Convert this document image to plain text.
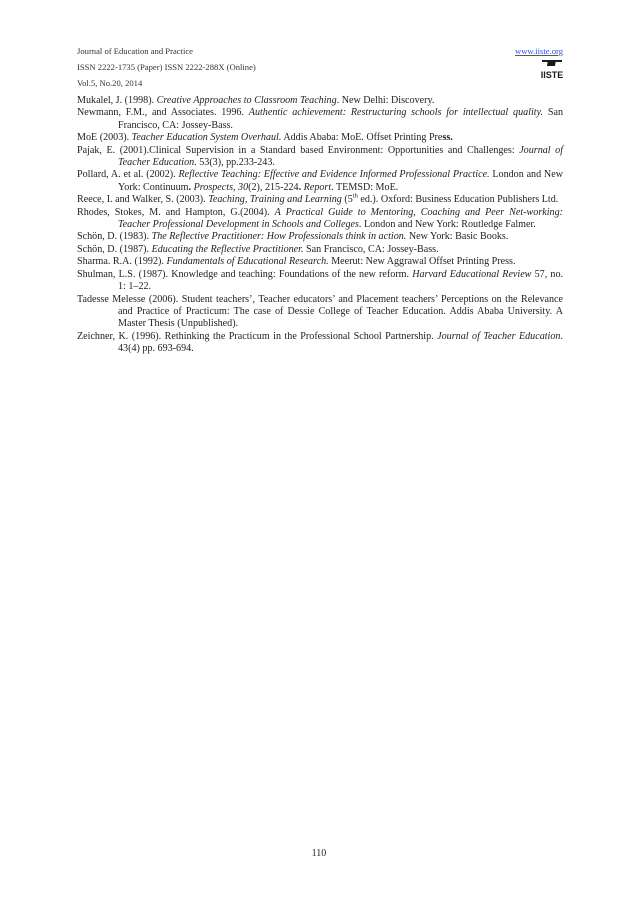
Journal of Education and Practice
ISSN 2222-1735 (Paper) ISSN 2222-288X (Online)
Vol.5, No.20, 2014
www.iiste.org
IISTE

Mukalel, J. (1998). Creative Approaches to Classroom Teaching. New Delhi: Discovery.

Newmann, F.M., and Associates. 1996. Authentic achievement: Restructuring schools for intellectual quality. San Francisco, CA: Jossey-Bass.

MoE (2003). Teacher Education System Overhaul. Addis Ababa: MoE. Offset Printing Press.

Pajak, E. (2001).Clinical Supervision in a Standard based Environment: Opportunities and Challenges: Journal of Teacher Education. 53(3), pp.233-243.

Pollard, A. et al. (2002). Reflective Teaching: Effective and Evidence Informed Professional Practice. London and New York: Continuum. Prospects, 30(2), 215-224. Report. TEMSD: MoE.

Reece, I. and Walker, S. (2003). Teaching, Training and Learning (5th ed.). Oxford: Business Education Publishers Ltd.

Rhodes, Stokes, M. and Hampton, G.(2004). A Practical Guide to Mentoring, Coaching and Peer Net-working: Teacher Professional Development in Schools and Colleges. London and New York: Routledge Falmer.

Schön, D. (1983). The Reflective Practitioner: How Professionals think in action. New York: Basic Books.

Schön, D. (1987). Educating the Reflective Practitioner. San Francisco, CA: Jossey-Bass.

Sharma. R.A. (1992). Fundamentals of Educational Research. Meerut: New Aggrawal Offset Printing Press.

Shulman, L.S. (1987). Knowledge and teaching: Foundations of the new reform. Harvard Educational Review 57, no. 1: 1–22.

Tadesse Melesse (2006). Student teachers’, Teacher educators’ and Placement teachers’ Perceptions on the Relevance and Practice of Practicum: The case of Dessie College of Teacher Education. Addis Ababa University. A Master Thesis (Unpublished).

Zeichner, K. (1996). Rethinking the Practicum in the Professional School Partnership. Journal of Teacher Education. 43(4) pp. 693-694.

110
